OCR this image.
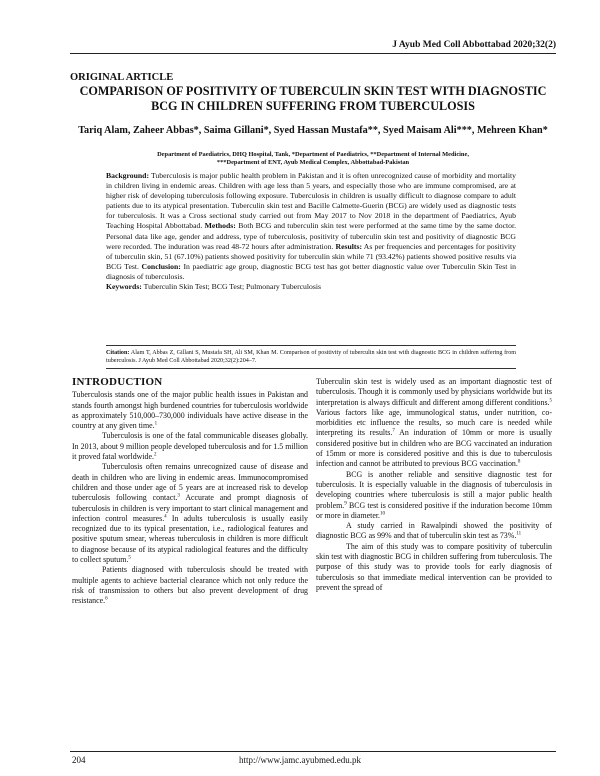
J Ayub Med Coll Abbottabad 2020;32(2)
ORIGINAL ARTICLE
COMPARISON OF POSITIVITY OF TUBERCULIN SKIN TEST WITH DIAGNOSTIC BCG IN CHILDREN SUFFERING FROM TUBERCULOSIS
Tariq Alam, Zaheer Abbas*, Saima Gillani*, Syed Hassan Mustafa**, Syed Maisam Ali***, Mehreen Khan*
Department of Paediatrics, DHQ Hospital, Tank, *Department of Paediatrics, **Department of Internal Medicine,
***Department of ENT, Ayub Medical Complex, Abbottabad-Pakistan
Background: Tuberculosis is major public health problem in Pakistan and it is often unrecognized cause of morbidity and mortality in children living in endemic areas. Children with age less than 5 years, and especially those who are immune compromised, are at higher risk of developing tuberculosis following exposure. Tuberculosis in children is usually difficult to diagnose compare to adult patients due to its atypical presentation. Tuberculin skin test and Bacille Calmette-Guerin (BCG) are widely used as diagnostic tests for tuberculosis. It was a Cross sectional study carried out from May 2017 to Nov 2018 in the department of Paediatrics, Ayub Teaching Hospital Abbottabad. Methods: Both BCG and tuberculin skin test were performed at the same time by the same doctor. Personal data like age, gender and address, type of tuberculosis, positivity of tuberculin skin test and positivity of diagnostic BCG were recorded. The induration was read 48-72 hours after administration. Results: As per frequencies and percentages for positivity of tuberculin skin, 51 (67.10%) patients showed positivity for tuberculin skin while 71 (93.42%) patients showed positive results via BCG Test. Conclusion: In paediatric age group, diagnostic BCG test has got better diagnostic value over Tuberculin Skin Test in diagnosis of tuberculosis.
Keywords: Tuberculin Skin Test; BCG Test; Pulmonary Tuberculosis
Citation: Alam T, Abbas Z, Gillani S, Mustafa SH, Ali SM, Khan M. Comparison of positivity of tuberculin skin test with diagnostic BCG in children suffering from tuberculosis. J Ayub Med Coll Abbottabad 2020;32(2):204–7.
INTRODUCTION

Tuberculosis stands one of the major public health issues in Pakistan and stands fourth amongst high burdened countries for tuberculosis worldwide as approximately 510,000–730,000 individuals have active disease in the country at any given time.$^1$

Tuberculosis is one of the fatal communicable diseases globally. In 2013, about 9 million people developed tuberculosis and for 1.5 million it proved fatal worldwide.$^2$

Tuberculosis often remains unrecognized cause of disease and death in children who are living in endemic areas. Immunocompromised children and those under age of 5 years are at increased risk to develop tuberculosis following contact.$^3$ Accurate and prompt diagnosis of tuberculosis in children is very important to start clinical management and infection control measures.$^4$ In adults tuberculosis is usually easily recognized due to its typical presentation, i.e., radiological features and positive sputum smear, whereas tuberculosis in children is more difficult to diagnose because of its atypical radiological features and the difficulty to collect sputum.$^5$

Patients diagnosed with tuberculosis should be treated with multiple agents to achieve bacterial clearance which not only reduce the risk of transmission to others but also prevent development of drug resistance.$^6$

Tuberculin skin test is widely used as an important diagnostic test of tuberculosis. Though it is commonly used by physicians worldwide but its interpretation is always difficult and different among different conditions.$^5$ Various factors like age, immunological status, under nutrition, co-morbidities etc influence the results, so much care is needed while interpreting its results.$^7$ An induration of 10mm or more is usually considered positive but in children who are BCG vaccinated an induration of 15mm or more is considered positive and this is due to tuberculosis infection and cannot be attributed to previous BCG vaccination.$^8$

BCG is another reliable and sensitive diagnostic test for tuberculosis. It is especially valuable in the diagnosis of tuberculosis in developing countries where tuberculosis is still a major public health problem.$^9$ BCG test is considered positive if the induration become 10mm or more in diameter.$^{10}$

A study carried in Rawalpindi showed the positivity of diagnostic BCG as 99% and that of tuberculin skin test as 73%.$^{11}$

The aim of this study was to compare positivity of tuberculin skin test with diagnostic BCG in children suffering from tuberculosis. The purpose of this study was to provide tools for early diagnosis of tuberculosis so that immediate medical intervention can be provided to prevent the spread of

204	http://www.jamc.ayubmed.edu.pk
